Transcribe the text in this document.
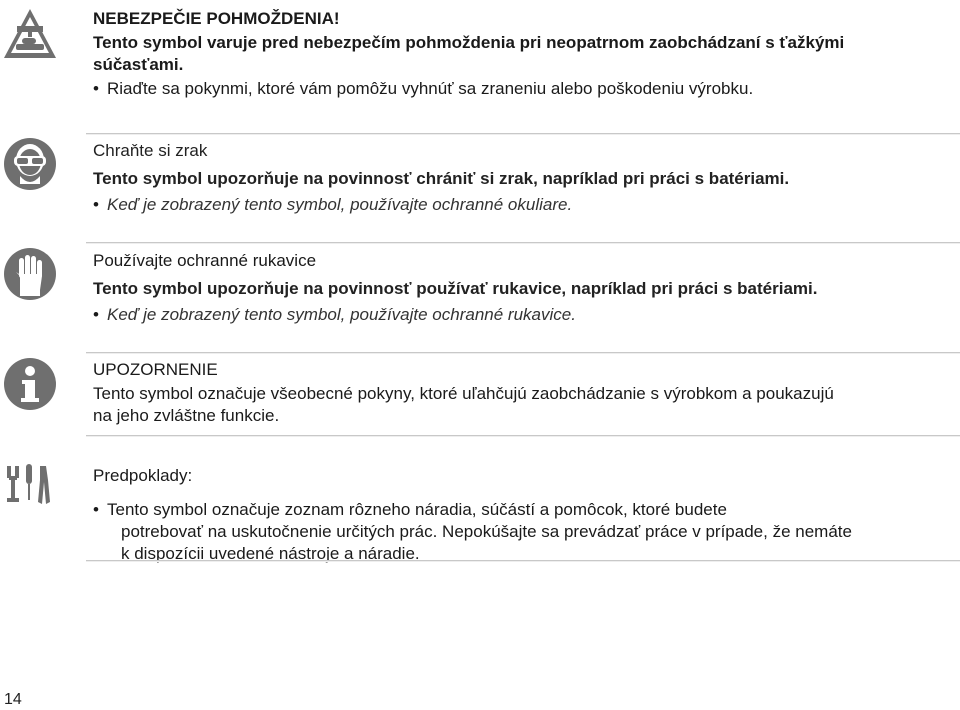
NEBEZPEČIE POHMOŽDENIA!
Tento symbol varuje pred nebezpečím pohmoždenia pri neopatrnom zaobchádzaní s ťažkými
súčasťami.
• Riaďte sa pokynmi, ktoré vám pomôžu vyhnúť sa zraneniu alebo poškodeniu výrobku.
Chraňte si zrak
Tento symbol upozorňuje na povinnosť chrániť si zrak, napríklad pri práci s batériami.
• Keď je zobrazený tento symbol, používajte ochranné okuliare.
Používajte ochranné rukavice
Tento symbol upozorňuje na povinnosť používať rukavice, napríklad pri práci s batériami.
• Keď je zobrazený tento symbol, používajte ochranné rukavice.
UPOZORNENIE
Tento symbol označuje všeobecné pokyny, ktoré uľahčujú zaobchádzanie s výrobkom a poukazujú
na jeho zvláštne funkcie.
Predpoklady:
• Tento symbol označuje zoznam rôzneho náradia, súčástí a pomôcok, ktoré budete
potrebovať na uskutočnenie určitých prác. Nepokúšajte sa prevádzať práce v prípade, že nemáte
k dispozícii uvedené nástroje a náradie.
14
